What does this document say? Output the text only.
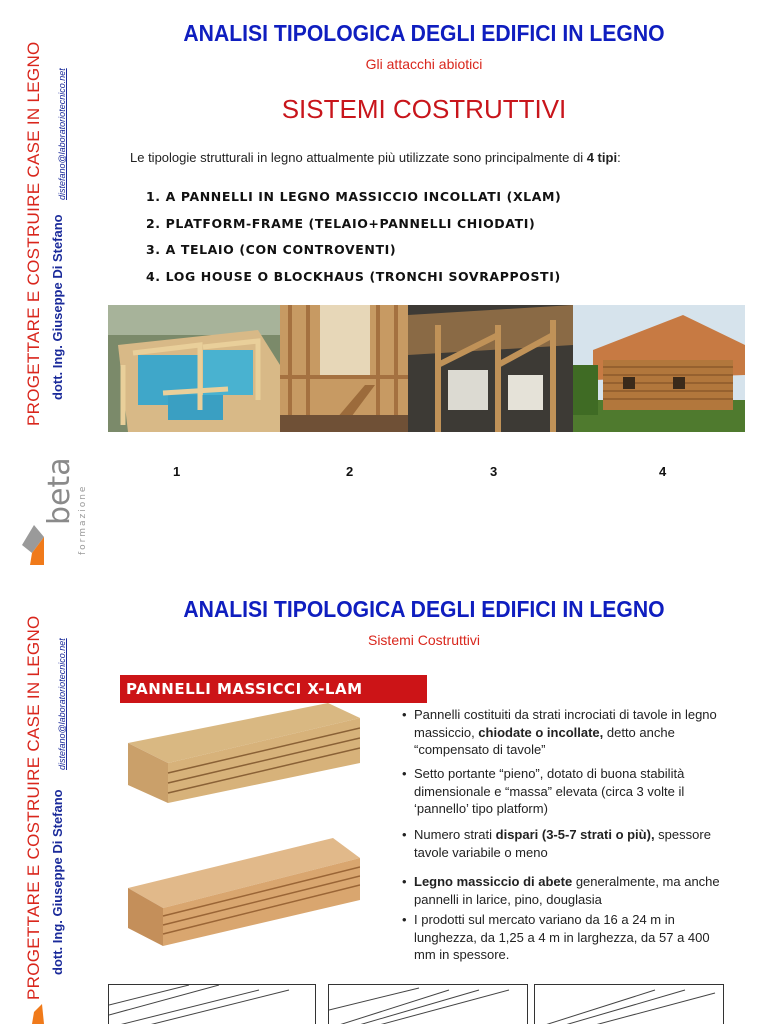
PROGETTARE E COSTRUIRE CASE IN LEGNO dott. Ing. Giuseppe Di Stefano
distefano@laboratoriotecnico.net
beta formazione
PROGETTARE E COSTRUIRE CASE IN LEGNO dott. Ing. Giuseppe Di Stefano
distefano@laboratoriotecnico.net
ANALISI TIPOLOGICA DEGLI EDIFICI IN LEGNO
Gli attacchi abiotici
SISTEMI COSTRUTTIVI
Le tipologie strutturali in legno attualmente più utilizzate sono principalmente di 4 tipi:
1. A PANNELLI IN LEGNO MASSICCIO INCOLLATI (XLAM)
2. PLATFORM-FRAME (TELAIO+PANNELLI CHIODATI)
3. A TELAIO (CON CONTROVENTI)
4. LOG HOUSE O BLOCKHAUS (TRONCHI SOVRAPPOSTI)
1	2	3	4
ANALISI TIPOLOGICA DEGLI EDIFICI IN LEGNO
Sistemi Costruttivi
PANNELLI MASSICCI X-LAM
• Pannelli costituiti da strati incrociati di tavole in legno massiccio, chiodate o incollate, detto anche “compensato di tavole”
• Setto portante “pieno”, dotato di buona stabilità dimensionale e “massa” elevata (circa 3 volte il ‘pannello’ tipo platform)
• Numero strati dispari (3-5-7 strati o più), spessore tavole variabile o meno
• Legno massiccio di abete generalmente, ma anche pannelli in larice, pino, douglasia
• I prodotti sul mercato variano da 16 a 24 m in lunghezza, da 1,25 a 4 m in larghezza, da 57 a 400 mm in spessore.
